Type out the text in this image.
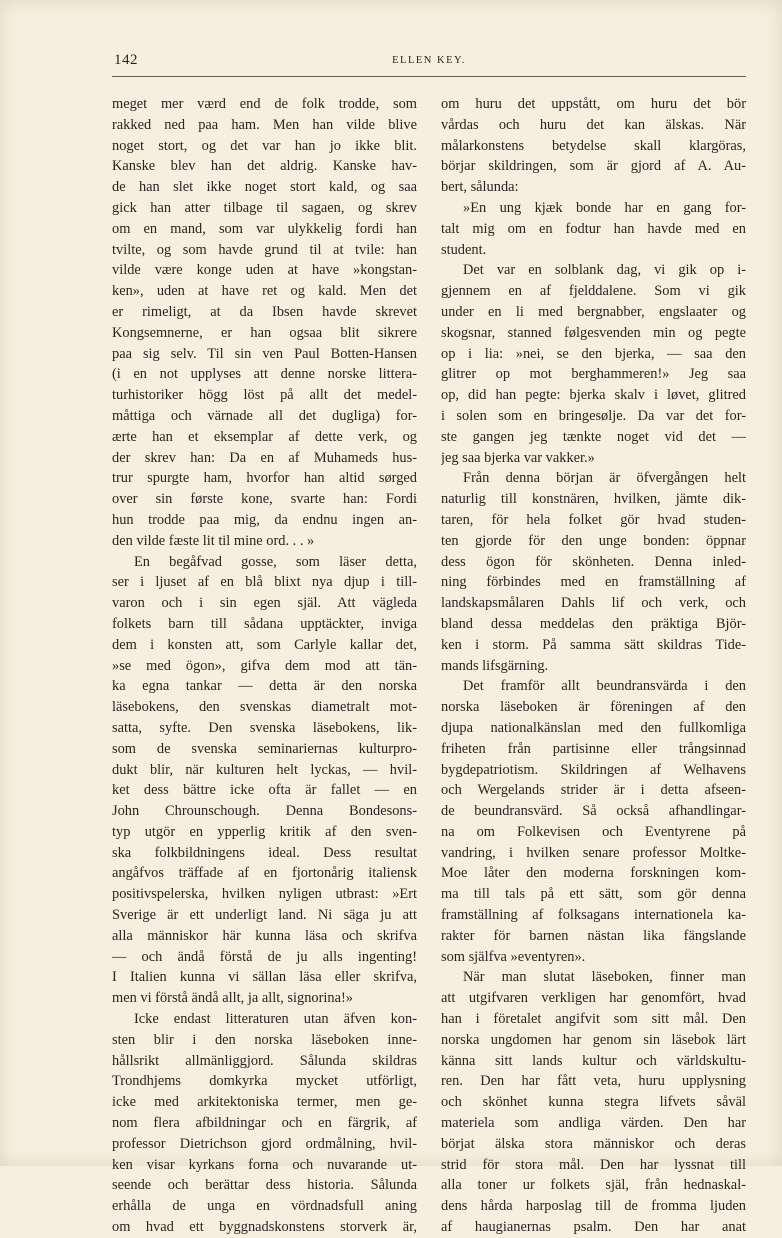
142	ELLEN KEY.
meget mer værd end de folk trodde, som
rakked ned paa ham. Men han vilde blive
noget stort, og det var han jo ikke blit.
Kanske blev han det aldrig. Kanske hav-
de han slet ikke noget stort kald, og saa
gick han atter tilbage til sagaen, og skrev
om en mand, som var ulykkelig fordi han
tvilte, og som havde grund til at tvile: han
vilde være konge uden at have »kongstan-
ken», uden at have ret og kald. Men det
er rimeligt, at da Ibsen havde skrevet
Kongsemnerne, er han ogsaa blit sikrere
paa sig selv. Til sin ven Paul Botten-Hansen
(i en not upplyses att denne norske littera-
turhistoriker högg löst på allt det medel-
måttiga och värnade all det dugliga) for-
ærte han et eksemplar af dette verk, og
der skrev han: Da en af Muhameds hus-
trur spurgte ham, hvorfor han altid sørged
over sin første kone, svarte han: Fordi
hun trodde paa mig, da endnu ingen an-
den vilde fæste lit til mine ord. . . »
En begåfvad gosse, som läser detta,
ser i ljuset af en blå blixt nya djup i till-
varon och i sin egen själ. Att vägleda
folkets barn till sådana upptäckter, inviga
dem i konsten att, som Carlyle kallar det,
»se med ögon», gifva dem mod att tän-
ka egna tankar — detta är den norska
läsebokens, den svenskas diametralt mot-
satta, syfte. Den svenska läsebokens, lik-
som de svenska seminariernas kulturpro-
dukt blir, när kulturen helt lyckas, — hvil-
ket dess bättre icke ofta är fallet — en
John Chrounschough. Denna Bondesons-
typ utgör en ypperlig kritik af den sven-
ska folkbildningens ideal. Dess resultat
angåfvos träffade af en fjortonårig italiensk
positivspelerska, hvilken nyligen utbrast: »Ert
Sverige är ett underligt land. Ni säga ju att
alla människor här kunna läsa och skrifva
— och ändå förstå de ju alls ingenting!
I Italien kunna vi sällan läsa eller skrifva,
men vi förstå ändå allt, ja allt, signorina!»
Icke endast litteraturen utan äfven kon-
sten blir i den norska läseboken inne-
hållsrikt allmänliggjord. Sålunda skildras
Trondhjems domkyrka mycket utförligt,
icke med arkitektoniska termer, men ge-
nom flera afbildningar och en färgrik, af
professor Dietrichson gjord ordmålning, hvil-
ken visar kyrkans forna och nuvarande ut-
seende och berättar dess historia. Sålunda
erhålla de unga en vördnadsfull aning
om hvad ett byggnadskonstens storverk är,
om huru det uppstått, om huru det bör
vårdas och huru det kan älskas. När
målarkonstens betydelse skall klargöras,
börjar skildringen, som är gjord af A. Au-
bert, sålunda:
»En ung kjæk bonde har en gang for-
talt mig om en fodtur han havde med en
student.
Det var en solblank dag, vi gik op i-
gjennem en af fjelddalene. Som vi gik
under en li med bergnabber, engslaater og
skogsnar, stanned følgesvenden min og pegte
op i lia: »nei, se den bjerka, — saa den
glitrer op mot berghammeren!» Jeg saa
op, did han pegte: bjerka skalv i løvet, glitred
i solen som en bringesølje. Da var det for-
ste gangen jeg tænkte noget vid det —
jeg saa bjerka var vakker.»
Från denna början är öfvergången helt
naturlig till konstnären, hvilken, jämte dik-
taren, för hela folket gör hvad studen-
ten gjorde för den unge bonden: öppnar
dess ögon för skönheten. Denna inled-
ning förbindes med en framställning af
landskapsmålaren Dahls lif och verk, och
bland dessa meddelas den präktiga Björ-
ken i storm. På samma sätt skildras Tide-
mands lifsgärning.
Det framför allt beundransvärda i den
norska läseboken är föreningen af den
djupa nationalkänslan med den fullkomliga
friheten från partisinne eller trångsinnad
bygdepatriotism. Skildringen af Welhavens
och Wergelands strider är i detta afseen-
de beundransvärd. Så också afhandlingar-
na om Folkevisen och Eventyrene på
vandring, i hvilken senare professor Moltke-
Moe låter den moderna forskningen kom-
ma till tals på ett sätt, som gör denna
framställning af folksagans internationela ka-
rakter för barnen nästan lika fängslande
som själfva »eventyren».
När man slutat läseboken, finner man
att utgifvaren verkligen har genomfört, hvad
han i företalet angifvit som sitt mål. Den
norska ungdomen har genom sin läsebok lärt
känna sitt lands kultur och världskultu-
ren. Den har fått veta, huru upplysning
och skönhet kunna stegra lifvets såväl
materiela som andliga värden. Den har
börjat älska stora människor och deras
strid för stora mål. Den har lyssnat till
alla toner ur folkets själ, från hednaskal-
dens hårda harposlag till de fromma ljuden
af haugianernas psalm. Den har anat
